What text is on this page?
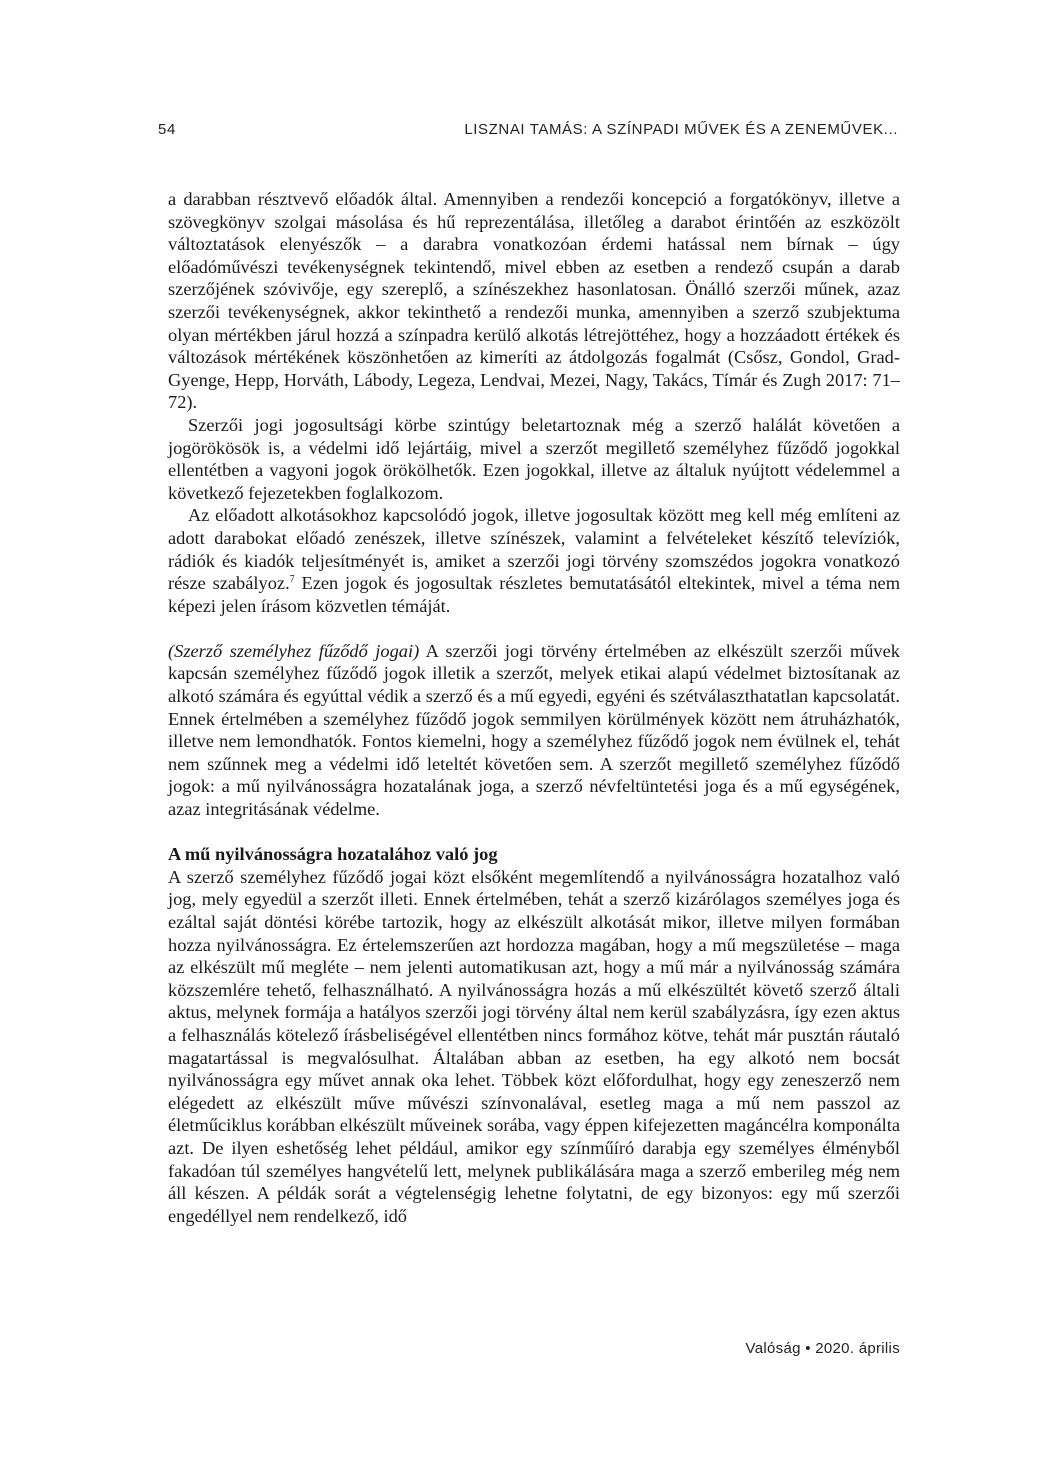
54	LISZNAI TAMÁS: A SZÍNPADI MŰVEK ÉS A ZENEMŰVEK...

a darabban résztvevő előadók által. Amennyiben a rendezői koncepció a forgatókönyv, illetve a szövegkönyv szolgai másolása és hű reprezentálása, illetőleg a darabot érintőén az eszközölt változtatások elenyészők – a darabra vonatkozóan érdemi hatással nem bírnak – úgy előadóművészi tevékenységnek tekintendő, mivel ebben az esetben a rendező csupán a darab szerzőjének szóvivője, egy szereplő, a színészekhez hasonlatosan. Önálló szerzői műnek, azaz szerzői tevékenységnek, akkor tekinthető a rendezői munka, amennyiben a szerző szubjektuma olyan mértékben járul hozzá a színpadra kerülő alkotás létrejöttéhez, hogy a hozzáadott értékek és változások mértékének köszönhetően az kimeríti az átdolgozás fogalmát (Csősz, Gondol, Grad-Gyenge, Hepp, Horváth, Lábody, Legeza, Lendvai, Mezei, Nagy, Takács, Tímár és Zugh 2017: 71–72).

Szerzői jogi jogosultsági körbe szintúgy beletartoznak még a szerző halálát követően a jogörökösök is, a védelmi idő lejártáig, mivel a szerzőt megillető személyhez fűződő jogokkal ellentétben a vagyoni jogok örökölhetők. Ezen jogokkal, illetve az általuk nyújtott védelemmel a következő fejezetekben foglalkozom.

Az előadott alkotásokhoz kapcsolódó jogok, illetve jogosultak között meg kell még említeni az adott darabokat előadó zenészek, illetve színészek, valamint a felvételeket készítő televíziók, rádiók és kiadók teljesítményét is, amiket a szerzői jogi törvény szomszédos jogokra vonatkozó része szabályoz.$^7$ Ezen jogok és jogosultak részletes bemutatásától eltekintek, mivel a téma nem képezi jelen írásom közvetlen témáját.

(Szerző személyhez fűződő jogai) A szerzői jogi törvény értelmében az elkészült szerzői művek kapcsán személyhez fűződő jogok illetik a szerzőt, melyek etikai alapú védelmet biztosítanak az alkotó számára és egyúttal védik a szerző és a mű egyedi, egyéni és szétválaszthatatlan kapcsolatát. Ennek értelmében a személyhez fűződő jogok semmilyen körülmények között nem átruházhatók, illetve nem lemondhatók. Fontos kiemelni, hogy a személyhez fűződő jogok nem évülnek el, tehát nem szűnnek meg a védelmi idő leteltét követően sem. A szerzőt megillető személyhez fűződő jogok: a mű nyilvánosságra hozatalának joga, a szerző névfeltüntetési joga és a mű egységének, azaz integritásának védelme.

A mű nyilvánosságra hozatalához való jog

A szerző személyhez fűződő jogai közt elsőként megemlítendő a nyilvánosságra hozatalhoz való jog, mely egyedül a szerzőt illeti. Ennek értelmében, tehát a szerző kizárólagos személyes joga és ezáltal saját döntési körébe tartozik, hogy az elkészült alkotását mikor, illetve milyen formában hozza nyilvánosságra. Ez értelemszerűen azt hordozza magában, hogy a mű megszületése – maga az elkészült mű megléte – nem jelenti automatikusan azt, hogy a mű már a nyilvánosság számára közszemlére tehető, felhasználható. A nyilvánosságra hozás a mű elkészültét követő szerző általi aktus, melynek formája a hatályos szerzői jogi törvény által nem kerül szabályzásra, így ezen aktus a felhasználás kötelező írásbeliségével ellentétben nincs formához kötve, tehát már pusztán ráutaló magatartással is megvalósulhat. Általában abban az esetben, ha egy alkotó nem bocsát nyilvánosságra egy művet annak oka lehet. Többek közt előfordulhat, hogy egy zeneszerző nem elégedett az elkészült műve művészi színvonalával, esetleg maga a mű nem passzol az életműciklus korábban elkészült műveinek sorába, vagy éppen kifejezetten magáncélra komponálta azt. De ilyen eshetőség lehet például, amikor egy színműíró darabja egy személyes élményből fakadóan túl személyes hangvételű lett, melynek publikálására maga a szerző emberileg még nem áll készen. A példák sorát a végtelenségig lehetne folytatni, de egy bizonyos: egy mű szerzői engedéllyel nem rendelkező, idő

Valóság • 2020. április
